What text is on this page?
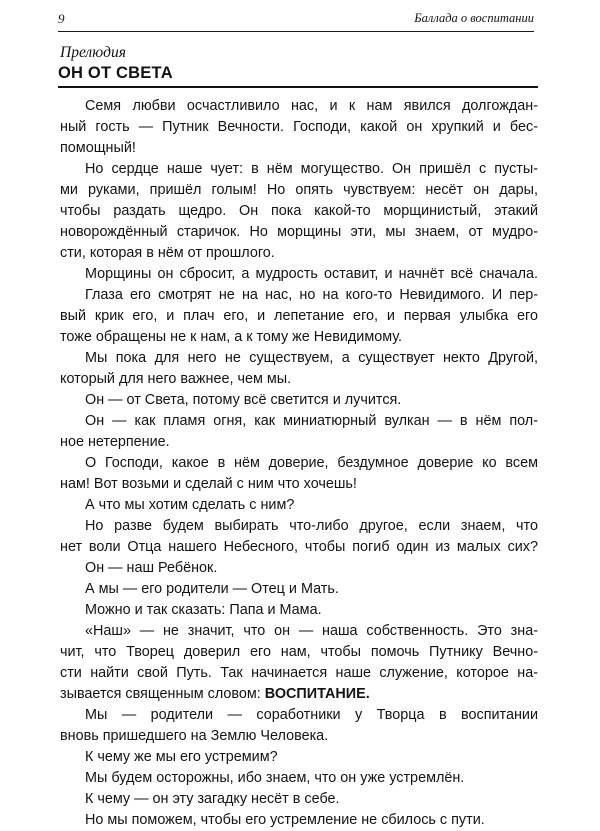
9	Баллада о воспитании
Прелюдия
ОН ОТ СВЕТА
Семя любви осчастливило нас, и к нам явился долгождан-
ный гость — Путник Вечности. Господи, какой он хрупкий и бес-
помощный!
Но сердце наше чует: в нём могущество. Он пришёл с пусты-
ми руками, пришёл голым! Но опять чувствуем: несёт он дары,
чтобы раздать щедро. Он пока какой-то морщинистый, этакий
новорождённый старичок. Но морщины эти, мы знаем, от мудро-
сти, которая в нём от прошлого.
Морщины он сбросит, а мудрость оставит, и начнёт всё сначала.
Глаза его смотрят не на нас, но на кого-то Невидимого. И пер-
вый крик его, и плач его, и лепетание его, и первая улыбка его
тоже обращены не к нам, а к тому же Невидимому.
Мы пока для него не существуем, а существует некто Другой,
который для него важнее, чем мы.
Он — от Света, потому всё светится и лучится.
Он — как пламя огня, как миниатюрный вулкан — в нём пол-
ное нетерпение.
О Господи, какое в нём доверие, бездумное доверие ко всем
нам! Вот возьми и сделай с ним что хочешь!
А что мы хотим сделать с ним?
Но разве будем выбирать что-либо другое, если знаем, что
нет воли Отца нашего Небесного, чтобы погиб один из малых сих?
Он — наш Ребёнок.
А мы — его родители — Отец и Мать.
Можно и так сказать: Папа и Мама.
«Наш» — не значит, что он — наша собственность. Это зна-
чит, что Творец доверил его нам, чтобы помочь Путнику Вечно-
сти найти свой Путь. Так начинается наше служение, которое на-
зывается священным словом: ВОСПИТАНИЕ.
Мы — родители — соработники у Творца в воспитании
вновь пришедшего на Землю Человека.
К чему же мы его устремим?
Мы будем осторожны, ибо знаем, что он уже устремлён.
К чему — он эту загадку несёт в себе.
Но мы поможем, чтобы его устремление не сбилось с пути.
